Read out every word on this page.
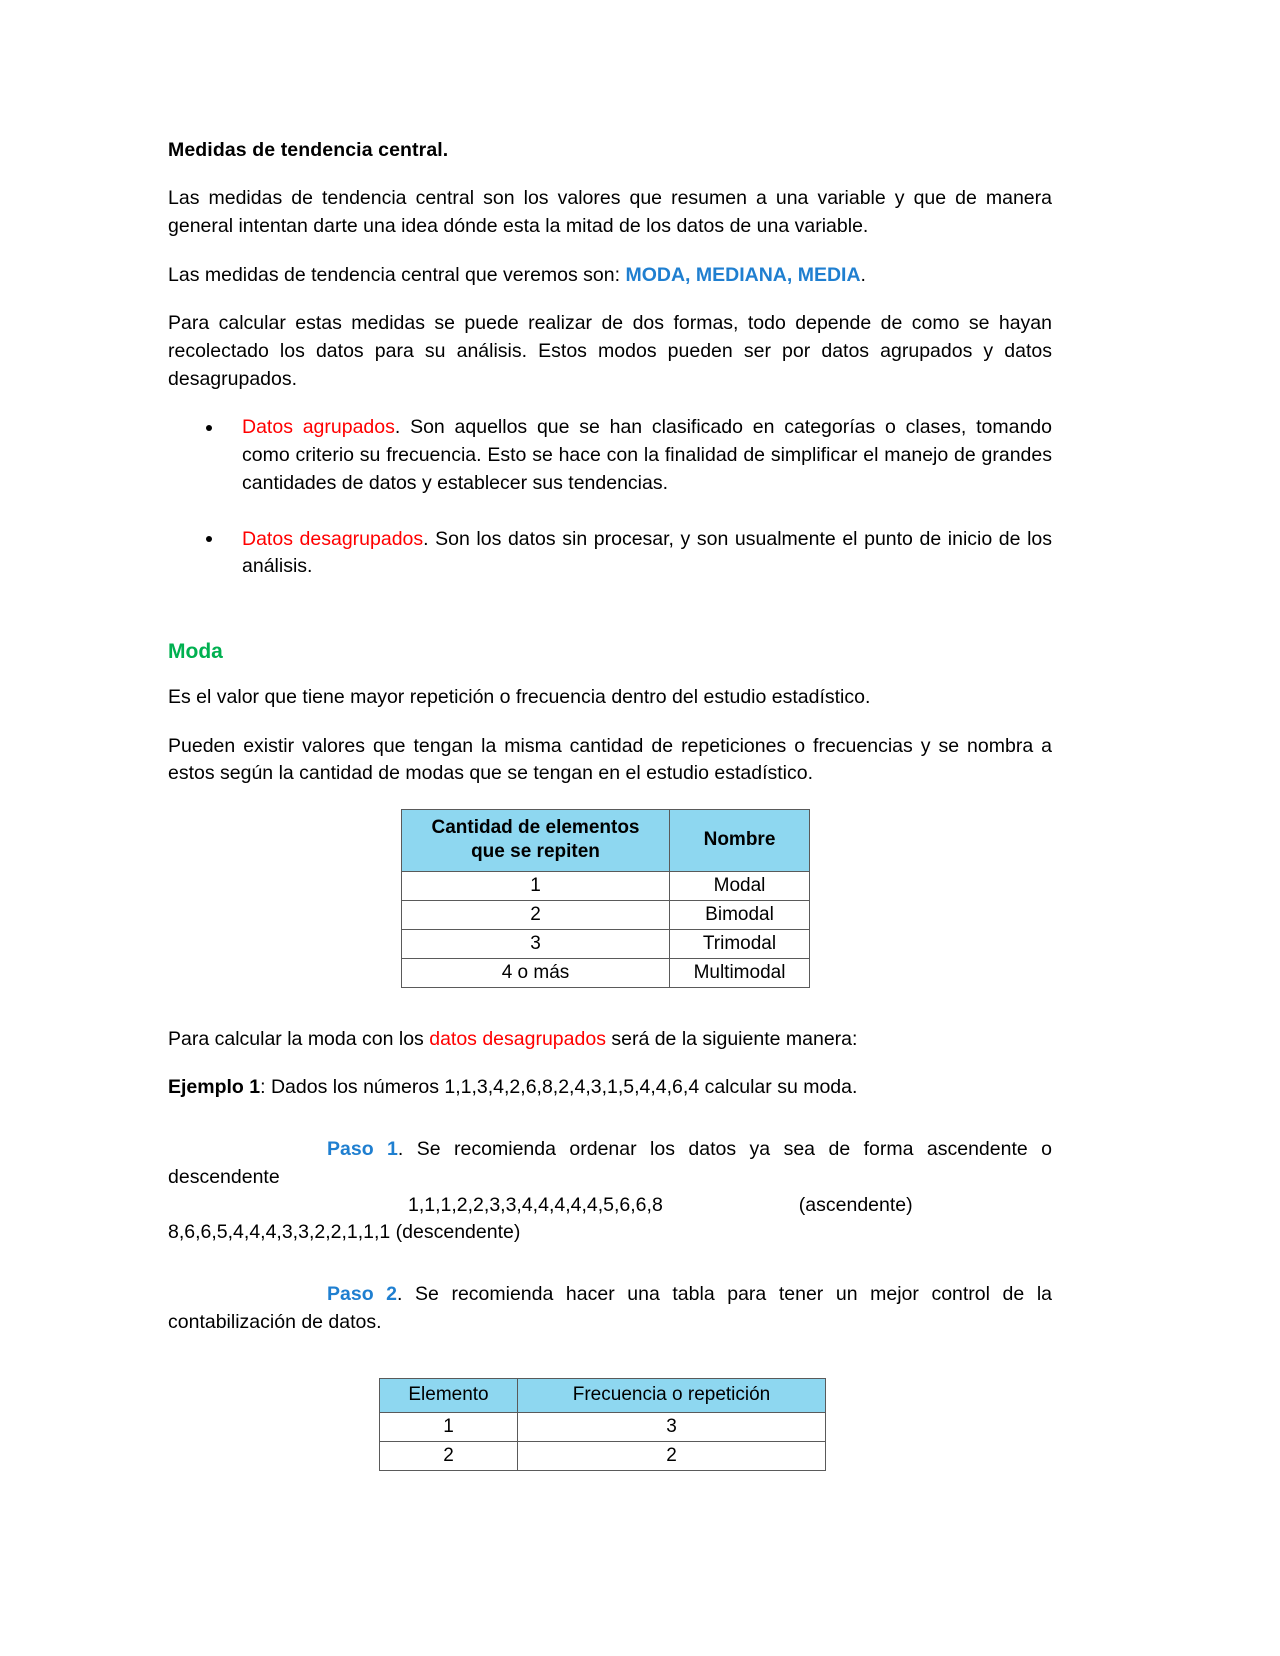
Medidas de tendencia central.

Las medidas de tendencia central son los valores que resumen a una variable y que de manera general intentan darte una idea dónde esta la mitad de los datos de una variable.

Las medidas de tendencia central que veremos son: MODA, MEDIANA, MEDIA.

Para calcular estas medidas se puede realizar de dos formas, todo depende de como se hayan recolectado los datos para su análisis. Estos modos pueden ser por datos agrupados y datos desagrupados.

Datos agrupados. Son aquellos que se han clasificado en categorías o clases, tomando como criterio su frecuencia. Esto se hace con la finalidad de simplificar el manejo de grandes cantidades de datos y establecer sus tendencias.
Datos desagrupados. Son los datos sin procesar, y son usualmente el punto de inicio de los análisis.
Moda

Es el valor que tiene mayor repetición o frecuencia dentro del estudio estadístico.

Pueden existir valores que tengan la misma cantidad de repeticiones o frecuencias y se nombra a estos según la cantidad de modas que se tengan en el estudio estadístico.

Cantidad de elementos que se repiten	Nombre
1	Modal
2	Bimodal
3	Trimodal
4 o más	Multimodal

Para calcular la moda con los datos desagrupados será de la siguiente manera:

Ejemplo 1: Dados los números 1,1,3,4,2,6,8,2,4,3,1,5,4,4,6,4 calcular su moda.

Paso 1. Se recomienda ordenar los datos ya sea de forma ascendente o descendente

1,1,1,2,2,3,3,4,4,4,4,4,5,6,6,8	(ascendente)

8,6,6,5,4,4,4,3,3,2,2,1,1,1 (descendente)

Paso 2. Se recomienda hacer una tabla para tener un mejor control de la contabilización de datos.

Elemento	Frecuencia o repetición
1	3
2	2
